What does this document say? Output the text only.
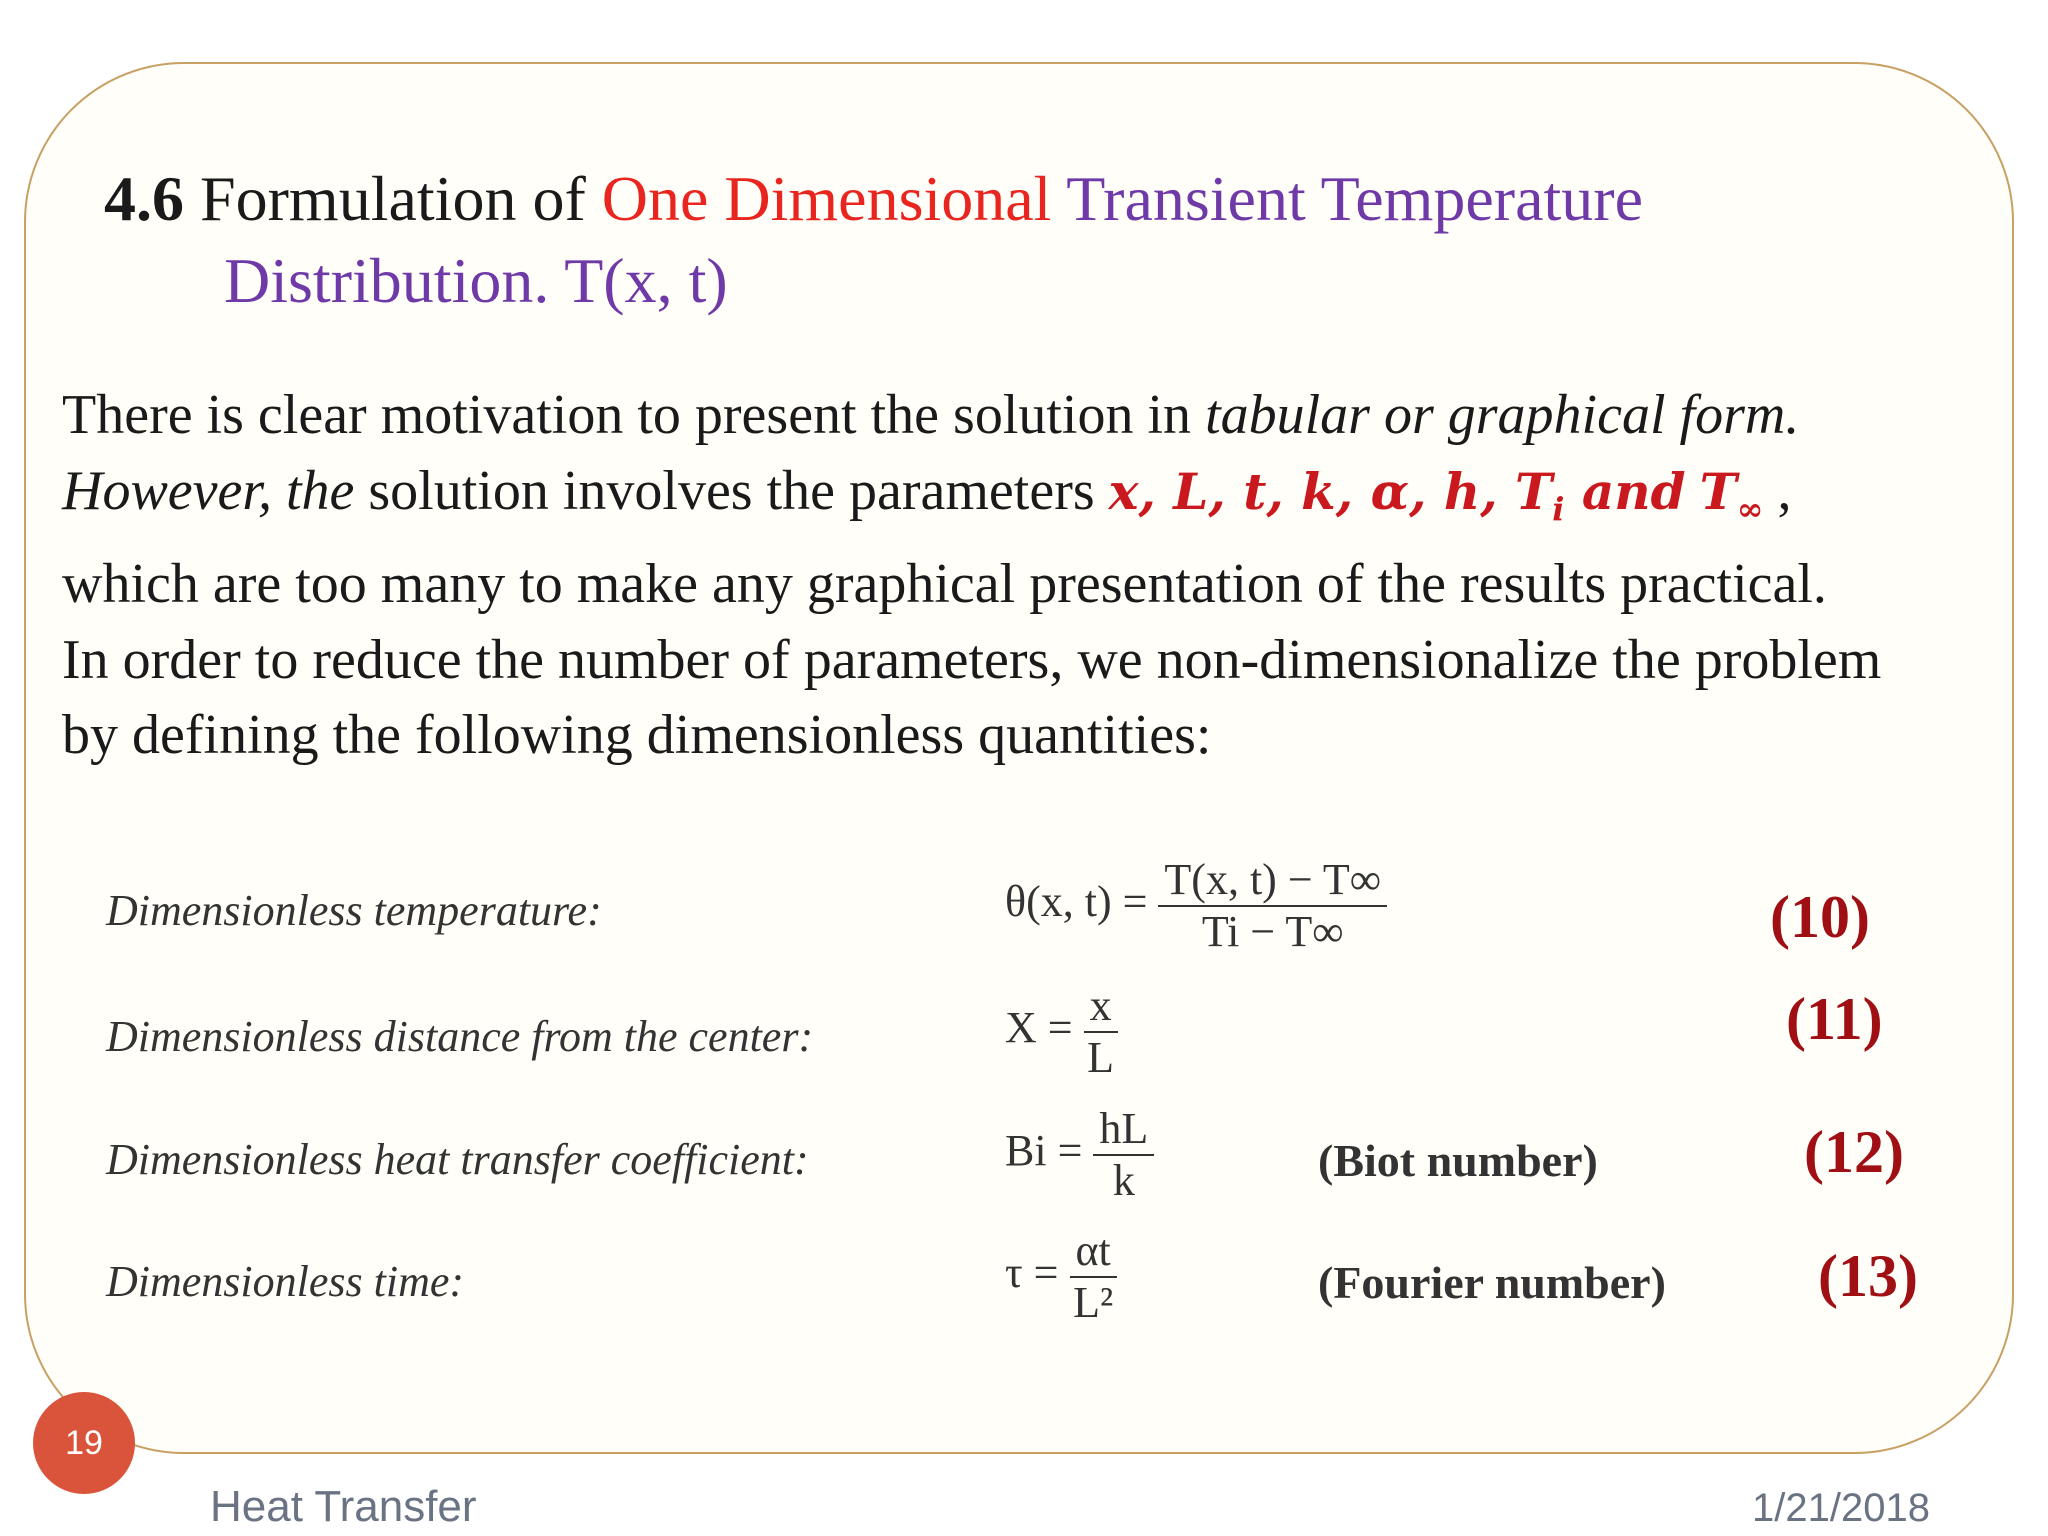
4.6 Formulation of One Dimensional Transient Temperature
Distribution. T(x, t)
There is clear motivation to present the solution in tabular or graphical form. However, the solution involves the parameters x, L, t, k, α, h, $T_i$ and $T_\infty$ , which are too many to make any graphical presentation of the results practical.
In order to reduce the number of parameters, we non-dimensionalize the problem by defining the following dimensionless quantities:
Dimensionless temperature:	θ(x, $t) = \frac{T(x, t) - T\infty}{Ti - T\infty}$	(10)
Dimensionless distance from the center:	$X = \frac{x}{L}$	(11)
Dimensionless heat transfer coefficient:	$Bi = \frac{hL}{k}$	(Biot number)	(12)
Dimensionless time:	$\tau = \frac{\alpha t}{\text{L²}}$	(Fourier number)	(13)
19
Heat Transfer	1/21/2018
